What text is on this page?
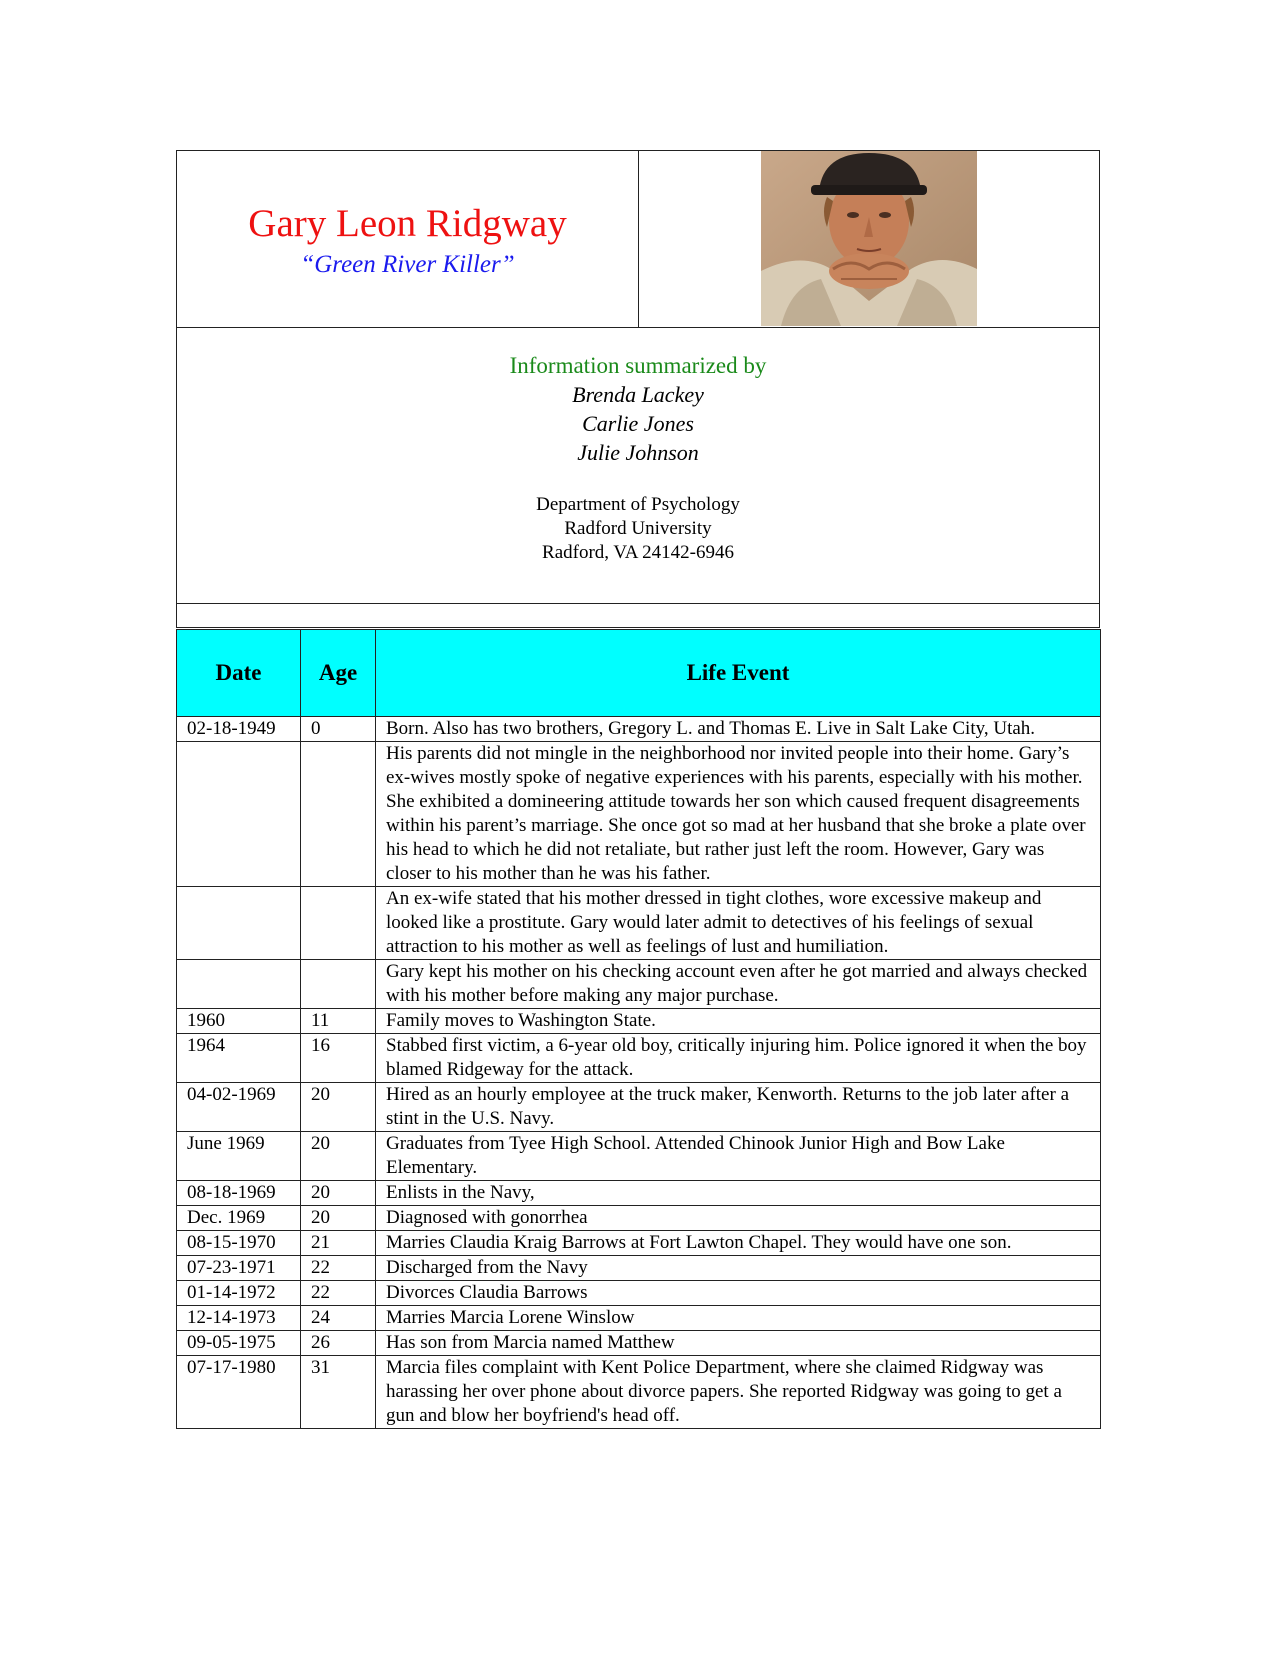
Gary Leon Ridgway
“Green River Killer”
Information summarized by
Brenda Lackey
Carlie Jones
Julie Johnson
Department of Psychology
Radford University
Radford, VA 24142-6946
Date	Age	Life Event
02-18-1949	0	Born. Also has two brothers, Gregory L. and Thomas E. Live in Salt Lake City, Utah.
		His parents did not mingle in the neighborhood nor invited people into their home. Gary’s ex-wives mostly spoke of negative experiences with his parents, especially with his mother. She exhibited a domineering attitude towards her son which caused frequent disagreements within his parent’s marriage. She once got so mad at her husband that she broke a plate over his head to which he did not retaliate, but rather just left the room. However, Gary was closer to his mother than he was his father.
		An ex-wife stated that his mother dressed in tight clothes, wore excessive makeup and looked like a prostitute. Gary would later admit to detectives of his feelings of sexual attraction to his mother as well as feelings of lust and humiliation.
		Gary kept his mother on his checking account even after he got married and always checked with his mother before making any major purchase.
1960	11	Family moves to Washington State.
1964	16	Stabbed first victim, a 6-year old boy, critically injuring him. Police ignored it when the boy blamed Ridgeway for the attack.
04-02-1969	20	Hired as an hourly employee at the truck maker, Kenworth. Returns to the job later after a stint in the U.S. Navy.
June 1969	20	Graduates from Tyee High School. Attended Chinook Junior High and Bow Lake Elementary.
08-18-1969	20	Enlists in the Navy,
Dec. 1969	20	Diagnosed with gonorrhea
08-15-1970	21	Marries Claudia Kraig Barrows at Fort Lawton Chapel. They would have one son.
07-23-1971	22	Discharged from the Navy
01-14-1972	22	Divorces Claudia Barrows
12-14-1973	24	Marries Marcia Lorene Winslow
09-05-1975	26	Has son from Marcia named Matthew
07-17-1980	31	Marcia files complaint with Kent Police Department, where she claimed Ridgway was harassing her over phone about divorce papers. She reported Ridgway was going to get a gun and blow her boyfriend's head off.
